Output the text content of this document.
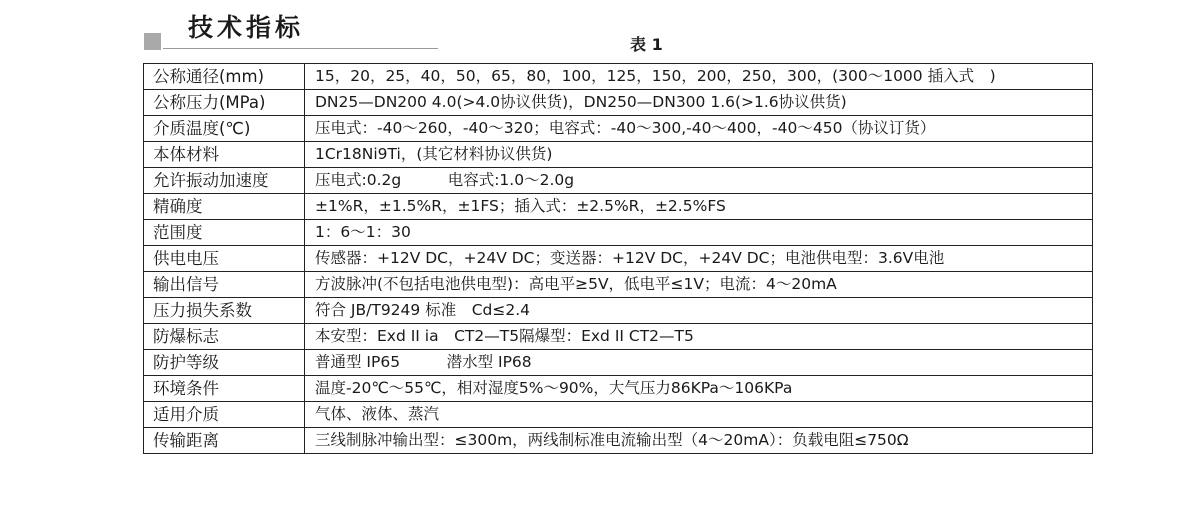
技术指标
表 1
公称通径(mm)	15，20，25，40，50，65，80，100，125，150，200，250，300，(300～1000 插入式　)
公称压力(MPa)	DN25—DN200 4.0(>4.0协议供货)，DN250—DN300 1.6(>1.6协议供货)
介质温度(℃)	压电式：-40～260，-40～320；电容式：-40～300,-40～400，-40～450（协议订货）
本体材料	1Cr18Ni9Ti，(其它材料协议供货)
允许振动加速度	压电式:0.2g　　　电容式:1.0～2.0g
精确度	±1%R，±1.5%R，±1FS；插入式：±2.5%R，±2.5%FS
范围度	1：6～1：30
供电电压	传感器：+12V DC，+24V DC；变送器：+12V DC，+24V DC；电池供电型：3.6V电池
输出信号	方波脉冲(不包括电池供电型)：高电平≥5V，低电平≤1V；电流：4～20mA
压力损失系数	符合 JB/T9249 标准　Cd≤2.4
防爆标志	本安型：Exd II ia　CT2—T5隔爆型：Exd II CT2—T5
防护等级	普通型 IP65　　　潜水型 IP68
环境条件	温度-20℃～55℃，相对湿度5%～90%，大气压力86KPa～106KPa
适用介质	气体、液体、蒸汽
传输距离	三线制脉冲输出型：≤300m，两线制标准电流输出型（4～20mA）：负载电阻≤750Ω
